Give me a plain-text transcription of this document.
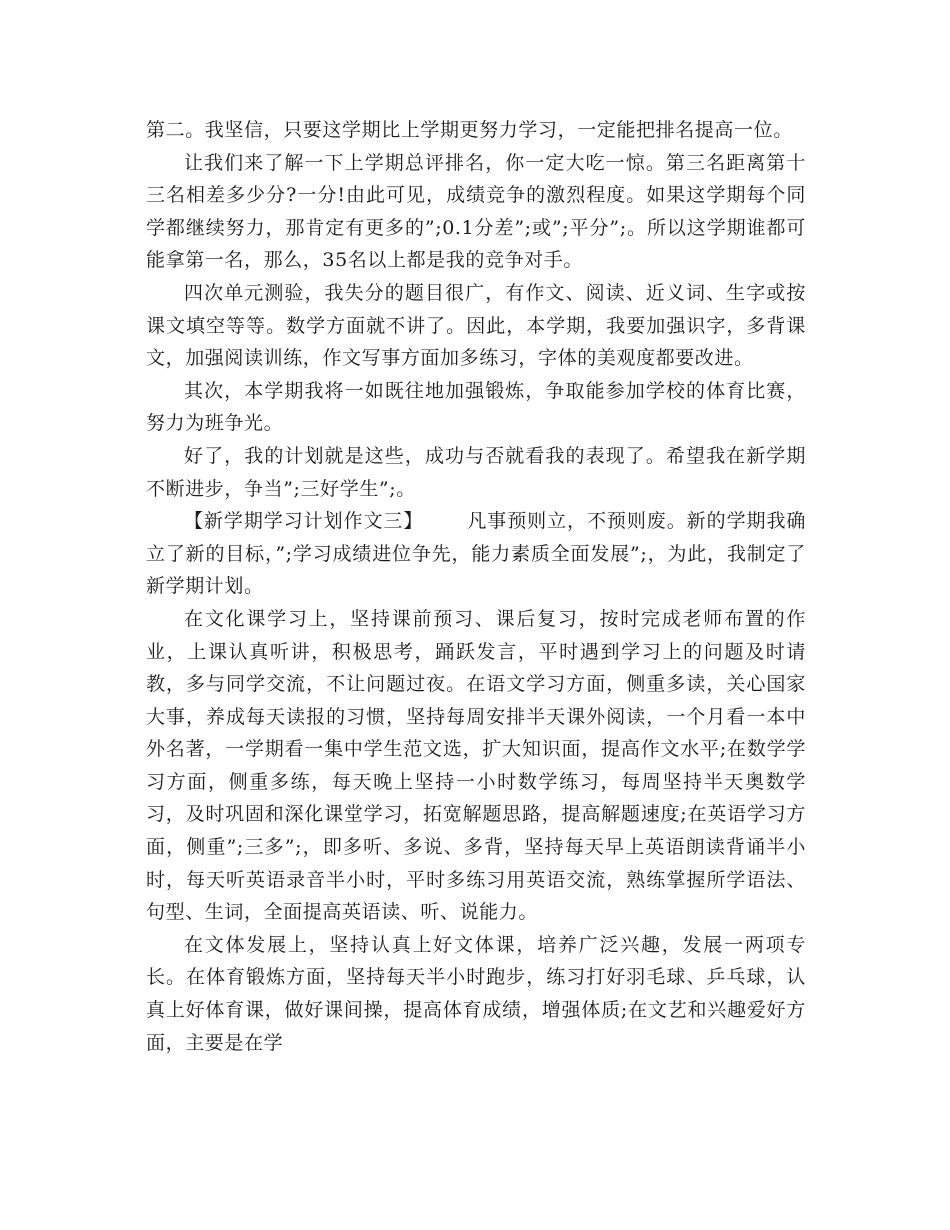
第二。我坚信，只要这学期比上学期更努力学习，一定能把排名提高一位。

让我们来了解一下上学期总评排名，你一定大吃一惊。第三名距离第十三名相差多少分?一分!由此可见，成绩竞争的激烈程度。如果这学期每个同学都继续努力，那肯定有更多的”;0.1分差”;或”;平分”;。所以这学期谁都可能拿第一名，那么，35名以上都是我的竞争对手。

四次单元测验，我失分的题目很广，有作文、阅读、近义词、生字或按课文填空等等。数学方面就不讲了。因此，本学期，我要加强识字，多背课文，加强阅读训练，作文写事方面加多练习，字体的美观度都要改进。

其次，本学期我将一如既往地加强锻炼，争取能参加学校的体育比赛，努力为班争光。

好了，我的计划就是这些，成功与否就看我的表现了。希望我在新学期不断进步，争当”;三好学生”;。

【新学期学习计划作文三】 凡事预则立，不预则废。新的学期我确立了新的目标，”;学习成绩进位争先，能力素质全面发展”;，为此，我制定了新学期计划。

在文化课学习上，坚持课前预习、课后复习，按时完成老师布置的作业，上课认真听讲，积极思考，踊跃发言，平时遇到学习上的问题及时请教，多与同学交流，不让问题过夜。在语文学习方面，侧重多读，关心国家大事，养成每天读报的习惯，坚持每周安排半天课外阅读，一个月看一本中外名著，一学期看一集中学生范文选，扩大知识面，提高作文水平;在数学学习方面，侧重多练，每天晚上坚持一小时数学练习，每周坚持半天奥数学习，及时巩固和深化课堂学习，拓宽解题思路，提高解题速度;在英语学习方面，侧重”;三多”;，即多听、多说、多背，坚持每天早上英语朗读背诵半小时，每天听英语录音半小时，平时多练习用英语交流，熟练掌握所学语法、句型、生词，全面提高英语读、听、说能力。

在文体发展上，坚持认真上好文体课，培养广泛兴趣，发展一两项专长。在体育锻炼方面，坚持每天半小时跑步，练习打好羽毛球、乒乓球，认真上好体育课，做好课间操，提高体育成绩，增强体质;在文艺和兴趣爱好方面，主要是在学
